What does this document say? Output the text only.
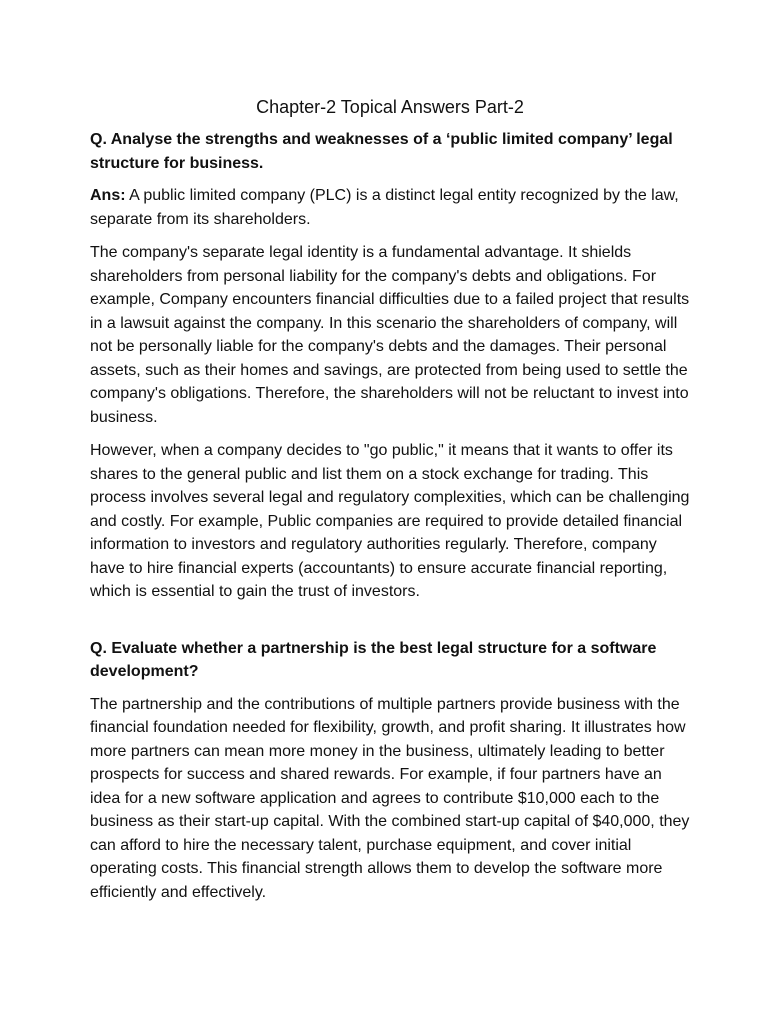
Chapter-2 Topical Answers Part-2

Q. Analyse the strengths and weaknesses of a ‘public limited company’ legal structure for business.

Ans: A public limited company (PLC) is a distinct legal entity recognized by the law, separate from its shareholders.

The company's separate legal identity is a fundamental advantage. It shields shareholders from personal liability for the company's debts and obligations. For example, Company encounters financial difficulties due to a failed project that results in a lawsuit against the company. In this scenario the shareholders of company, will not be personally liable for the company's debts and the damages. Their personal assets, such as their homes and savings, are protected from being used to settle the company's obligations. Therefore, the shareholders will not be reluctant to invest into business.

However, when a company decides to "go public," it means that it wants to offer its shares to the general public and list them on a stock exchange for trading. This process involves several legal and regulatory complexities, which can be challenging and costly. For example, Public companies are required to provide detailed financial information to investors and regulatory authorities regularly. Therefore, company have to hire financial experts (accountants) to ensure accurate financial reporting, which is essential to gain the trust of investors.

Q. Evaluate whether a partnership is the best legal structure for a software development?

The partnership and the contributions of multiple partners provide business with the financial foundation needed for flexibility, growth, and profit sharing. It illustrates how more partners can mean more money in the business, ultimately leading to better prospects for success and shared rewards. For example, if four partners have an idea for a new software application and agrees to contribute $10,000 each to the business as their start-up capital. With the combined start-up capital of $40,000, they can afford to hire the necessary talent, purchase equipment, and cover initial operating costs. This financial strength allows them to develop the software more efficiently and effectively.
